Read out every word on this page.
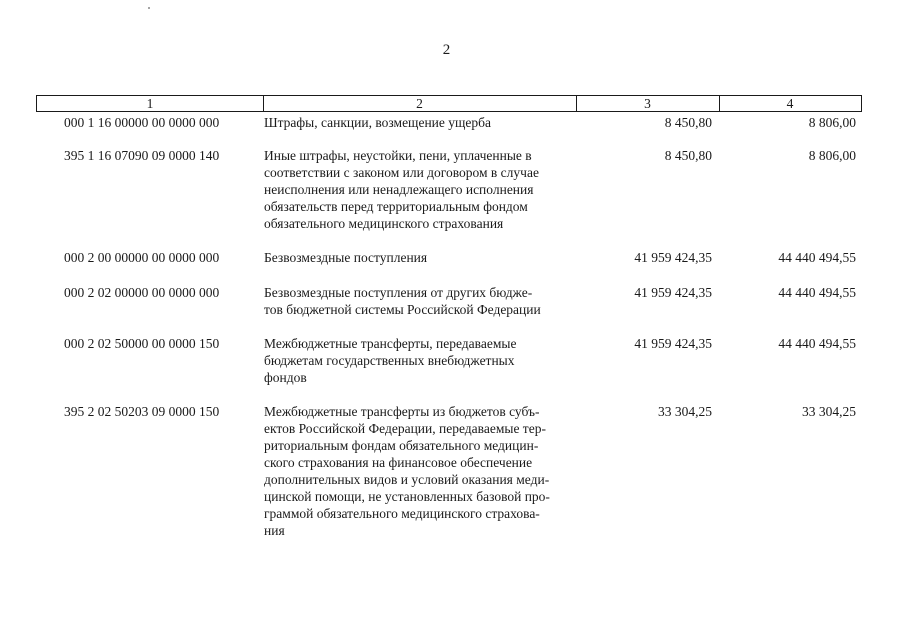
2
1	2	3	4
000 1 16 00000 00 0000 000	Штрафы, санкции, возмещение ущерба	8 450,80	8 806,00
395 1 16 07090 09 0000 140	Иные штрафы, неустойки, пени, уплаченные в
соответствии с законом или договором в случае
неисполнения или ненадлежащего исполнения
обязательств перед территориальным фондом
обязательного медицинского страхования
8 450,80	8 806,00
000 2 00 00000 00 0000 000	Безвозмездные поступления	41 959 424,35	44 440 494,55
000 2 02 00000 00 0000 000	Безвозмездные поступления от других бюдже-
тов бюджетной системы Российской Федерации
41 959 424,35	44 440 494,55
000 2 02 50000 00 0000 150	Межбюджетные трансферты, передаваемые
бюджетам государственных внебюджетных
фондов
41 959 424,35	44 440 494,55
395 2 02 50203 09 0000 150	Межбюджетные трансферты из бюджетов субъ-
ектов Российской Федерации, передаваемые тер-
риториальным фондам обязательного медицин-
ского страхования на финансовое обеспечение
дополнительных видов и условий оказания меди-
цинской помощи, не установленных базовой про-
граммой обязательного медицинского страхова-
ния
33 304,25	33 304,25
